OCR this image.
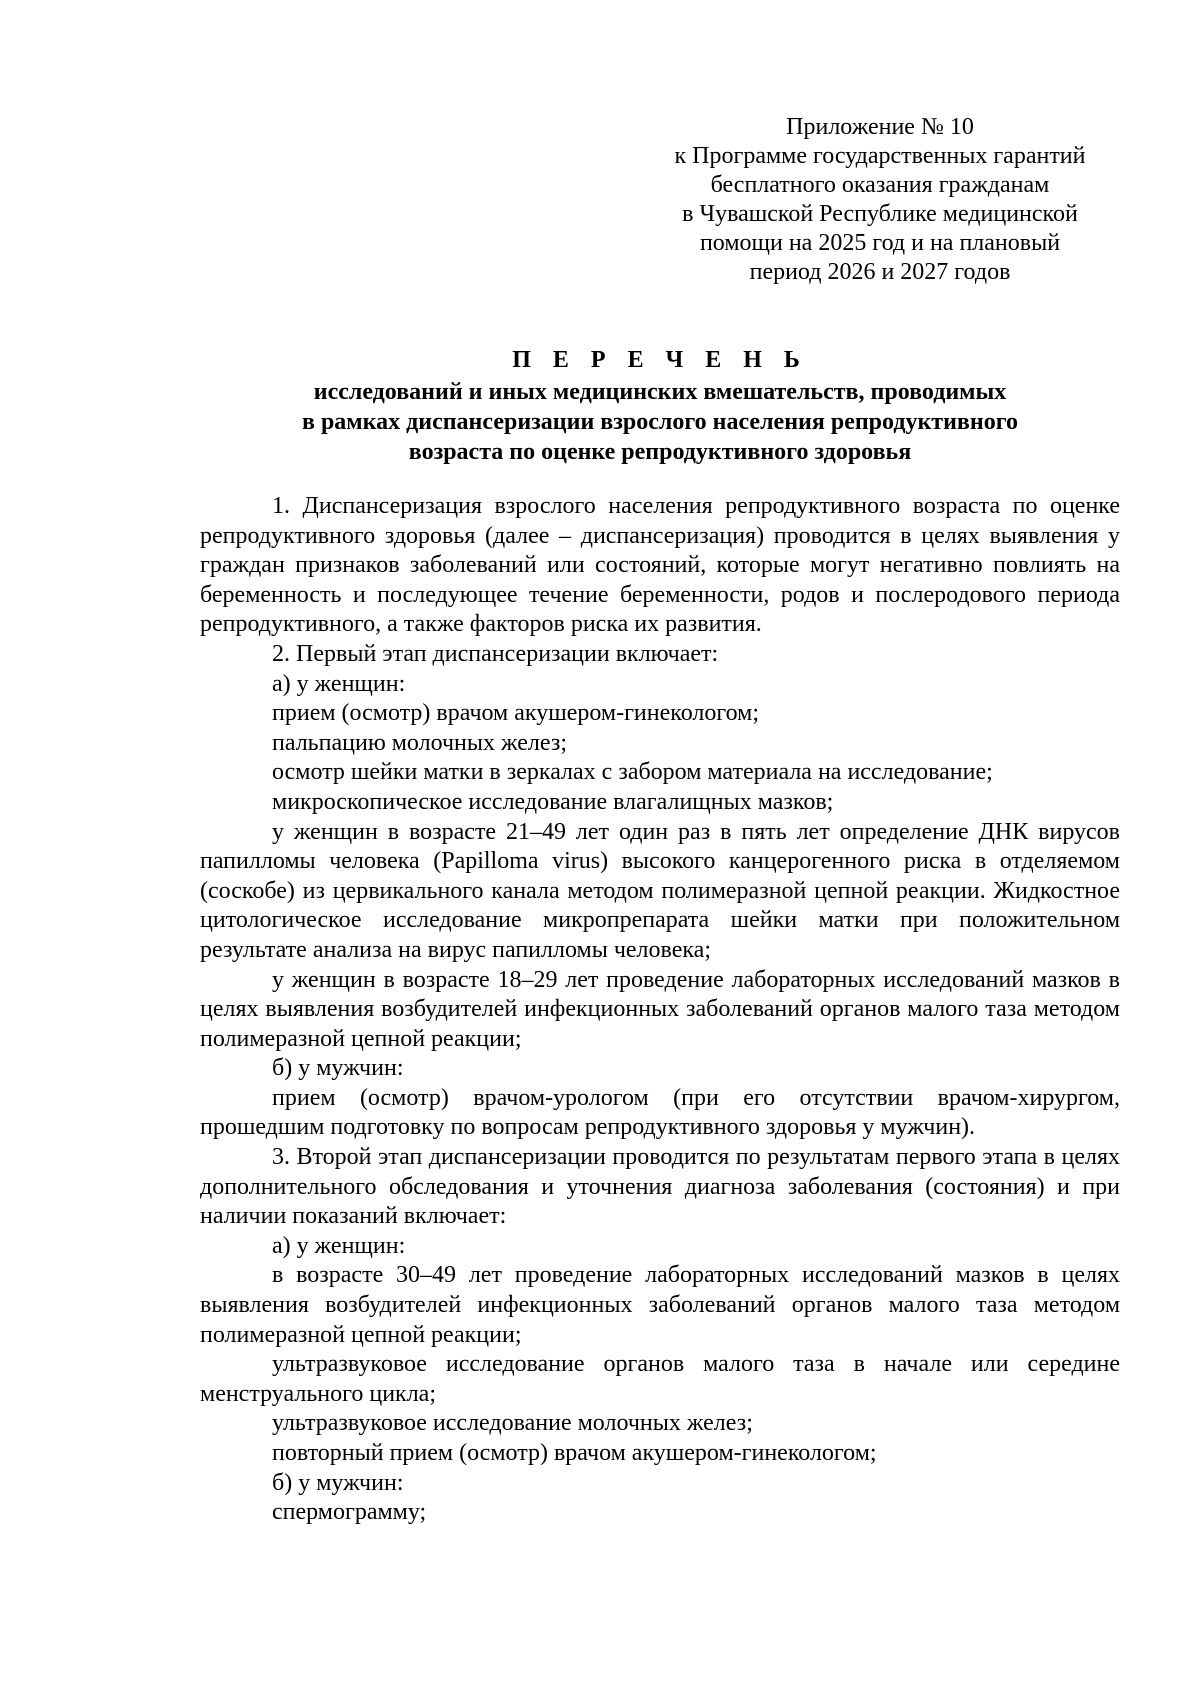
Приложение № 10
к Программе государственных гарантий
бесплатного оказания гражданам
в Чувашской Республике медицинской
помощи на 2025 год и на плановый
период 2026 и 2027 годов
П Е Р Е Ч Е Н Ь
исследований и иных медицинских вмешательств, проводимых
в рамках диспансеризации взрослого населения репродуктивного
возраста по оценке репродуктивного здоровья

1. Диспансеризация взрослого населения репродуктивного возраста по оценке репродуктивного здоровья (далее – диспансеризация) проводится в целях выявления у граждан признаков заболеваний или состояний, которые могут негативно повлиять на беременность и последующее течение беременности, родов и послеродового периода репродуктивного, а также факторов риска их развития.

2. Первый этап диспансеризации включает:

а) у женщин:

прием (осмотр) врачом акушером-гинекологом;

пальпацию молочных желез;

осмотр шейки матки в зеркалах с забором материала на исследование;

микроскопическое исследование влагалищных мазков;

у женщин в возрасте 21–49 лет один раз в пять лет определение ДНК вирусов папилломы человека (Papilloma virus) высокого канцерогенного риска в отделяемом (соскобе) из цервикального канала методом полимеразной цепной реакции. Жидкостное цитологическое исследование микропрепарата шейки матки при положительном результате анализа на вирус папилломы человека;

у женщин в возрасте 18–29 лет проведение лабораторных исследований мазков в целях выявления возбудителей инфекционных заболеваний органов малого таза методом полимеразной цепной реакции;

б) у мужчин:

прием (осмотр) врачом-урологом (при его отсутствии врачом-хирургом, прошедшим подготовку по вопросам репродуктивного здоровья у мужчин).

3. Второй этап диспансеризации проводится по результатам первого этапа в целях дополнительного обследования и уточнения диагноза заболевания (состояния) и при наличии показаний включает:

а) у женщин:

в возрасте 30–49 лет проведение лабораторных исследований мазков в целях выявления возбудителей инфекционных заболеваний органов малого таза методом полимеразной цепной реакции;

ультразвуковое исследование органов малого таза в начале или середине менструального цикла;

ультразвуковое исследование молочных желез;

повторный прием (осмотр) врачом акушером-гинекологом;

б) у мужчин:

спермограмму;
